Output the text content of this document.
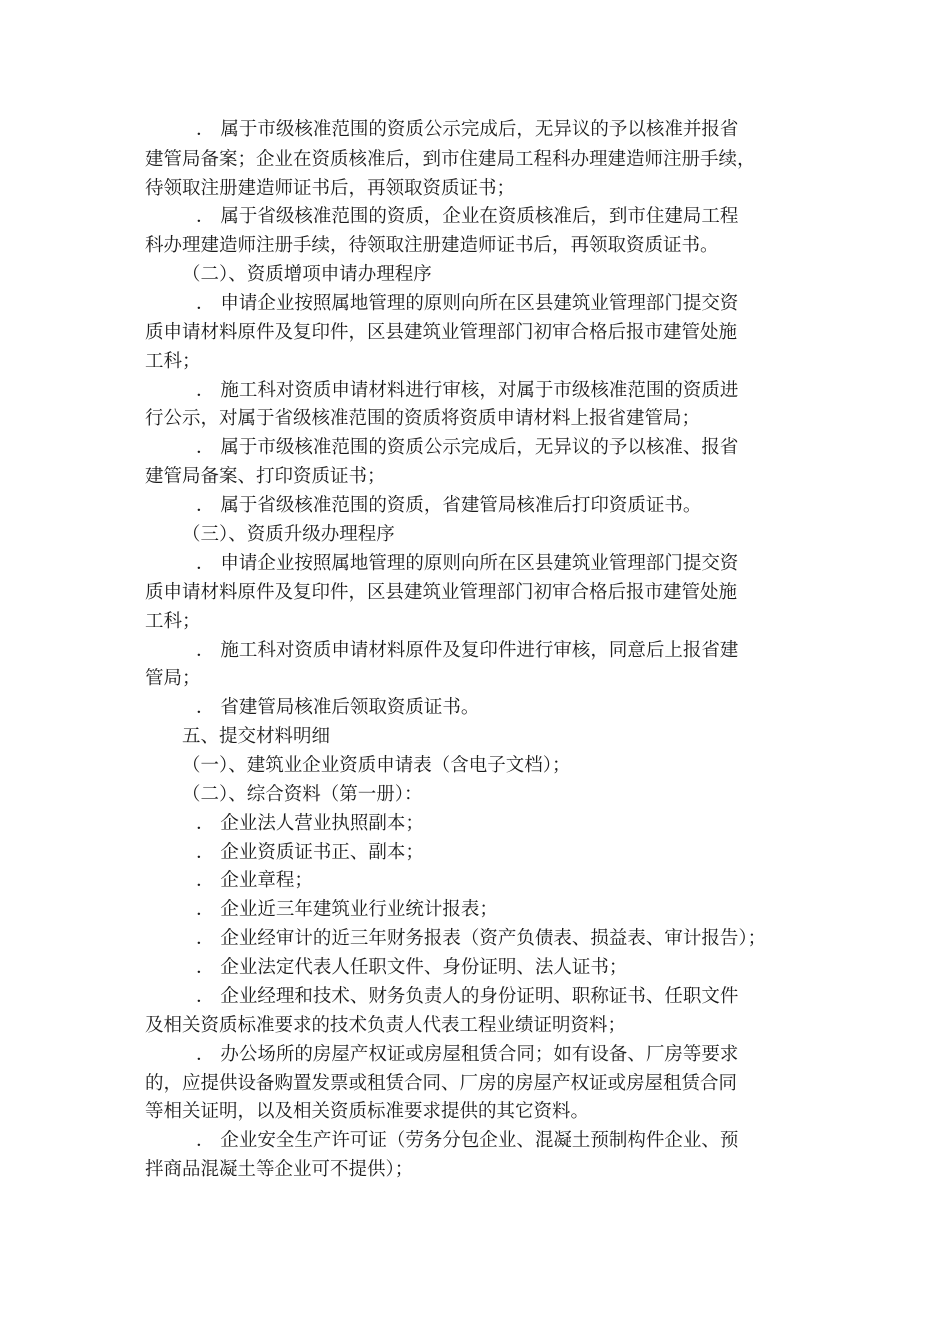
． 属于市级核准范围的资质公示完成后，无异议的予以核准并报省

建管局备案；企业在资质核准后，到市住建局工程科办理建造师注册手续，

待领取注册建造师证书后，再领取资质证书；

． 属于省级核准范围的资质，企业在资质核准后，到市住建局工程

科办理建造师注册手续，待领取注册建造师证书后，再领取资质证书。

（二）、资质增项申请办理程序

． 申请企业按照属地管理的原则向所在区县建筑业管理部门提交资

质申请材料原件及复印件，区县建筑业管理部门初审合格后报市建管处施

工科；

． 施工科对资质申请材料进行审核，对属于市级核准范围的资质进

行公示，对属于省级核准范围的资质将资质申请材料上报省建管局；

． 属于市级核准范围的资质公示完成后，无异议的予以核准、报省

建管局备案、打印资质证书；

． 属于省级核准范围的资质，省建管局核准后打印资质证书。

（三）、资质升级办理程序

． 申请企业按照属地管理的原则向所在区县建筑业管理部门提交资

质申请材料原件及复印件，区县建筑业管理部门初审合格后报市建管处施

工科；

． 施工科对资质申请材料原件及复印件进行审核，同意后上报省建

管局；

． 省建管局核准后领取资质证书。

五、提交材料明细

（一）、建筑业企业资质申请表（含电子文档）；

（二）、综合资料（第一册）：

． 企业法人营业执照副本；

． 企业资质证书正、副本；

． 企业章程；

． 企业近三年建筑业行业统计报表；

． 企业经审计的近三年财务报表（资产负债表、损益表、审计报告）；

． 企业法定代表人任职文件、身份证明、法人证书；

． 企业经理和技术、财务负责人的身份证明、职称证书、任职文件

及相关资质标准要求的技术负责人代表工程业绩证明资料；

． 办公场所的房屋产权证或房屋租赁合同；如有设备、厂房等要求

的，应提供设备购置发票或租赁合同、厂房的房屋产权证或房屋租赁合同

等相关证明，以及相关资质标准要求提供的其它资料。

． 企业安全生产许可证（劳务分包企业、混凝土预制构件企业、预

拌商品混凝土等企业可不提供）；
